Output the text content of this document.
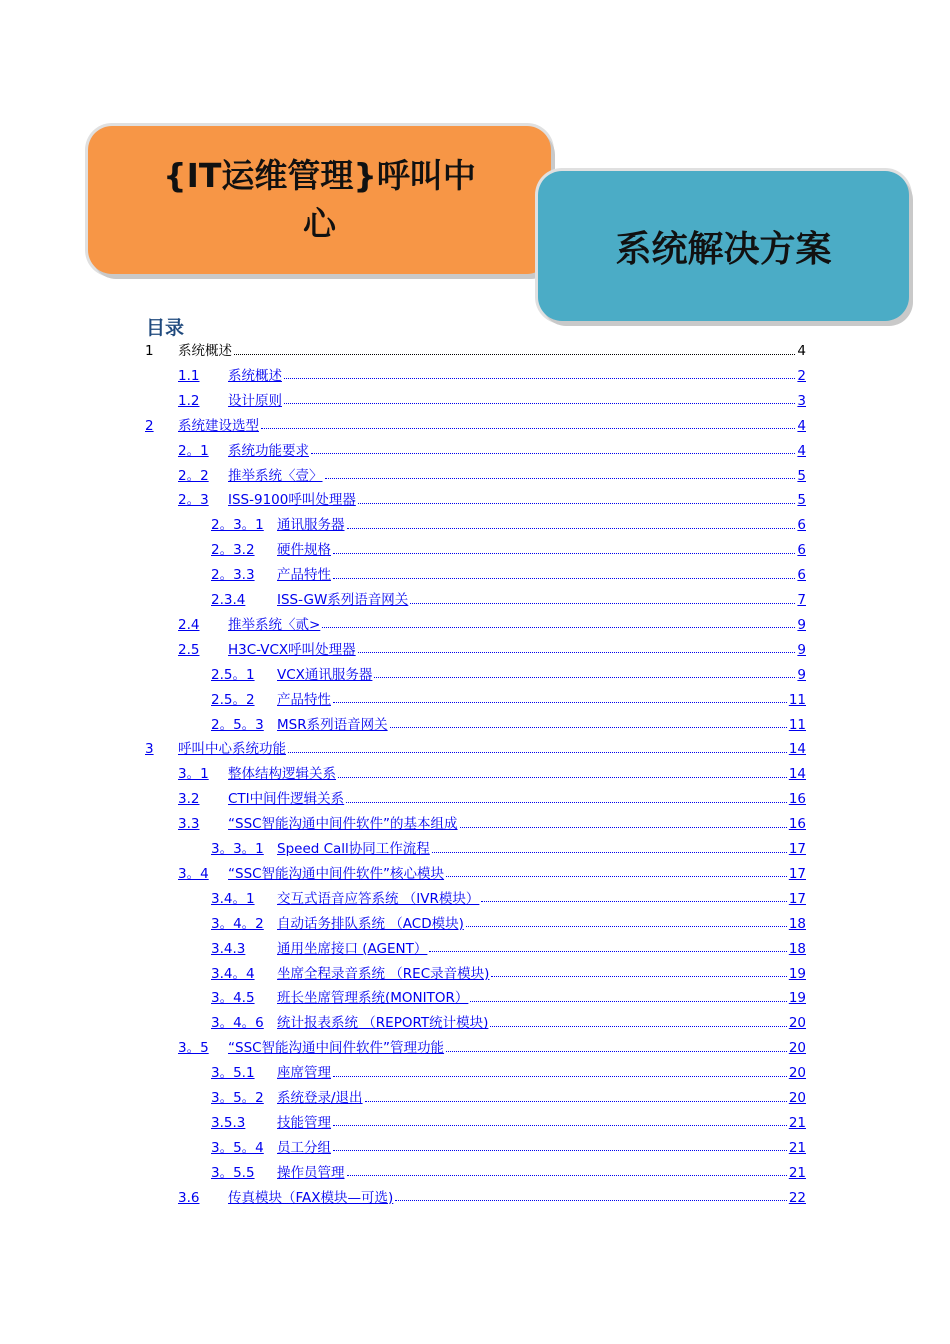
{IT运维管理}呼叫中
心
系统解决方案
目录
1	系统概述	4
1.1	系统概述	2
1.2	设计原则	3
2	系统建设选型	4
2。1	系统功能要求	4
2。2	推举系统〈壹〉	5
2。3	ISS-9100呼叫处理器	5
2。3。1 通讯服务器	6
2。3.2	硬件规格	6
2。3.3	产品特性	6
2.3.4	ISS-GW系列语音网关	7
2.4	推举系统〈贰>	9
2.5	H3C-VCX呼叫处理器	9
2.5。1	VCX通讯服务器	9
2.5。2	产品特性	11
2。5。3 MSR系列语音网关	11
3	呼叫中心系统功能	14
3。1	整体结构逻辑关系	14
3.2	CTI中间件逻辑关系	16
3.3	“SSC智能沟通中间件软件”的基本组成	16
3。3。1 Speed Call协同工作流程	17
3。4	“SSC智能沟通中间件软件”核心模块	17
3.4。1	交互式语音应答系统 （IVR模块）	17
3。4。2 自动话务排队系统 （ACD模块)	18
3.4.3	通用坐席接口 (AGENT）	18
3.4。4	坐席全程录音系统 （REC录音模块)	19
3。4.5	班长坐席管理系统(MONITOR）	19
3。4。6 统计报表系统 （REPORT统计模块)	20
3。5	“SSC智能沟通中间件软件”管理功能	20
3。5.1	座席管理	20
3。5。2 系统登录/退出	20
3.5.3	技能管理	21
3。5。4 员工分组	21
3。5.5	操作员管理	21
3.6	传真模块（FAX模块—可选)	22
